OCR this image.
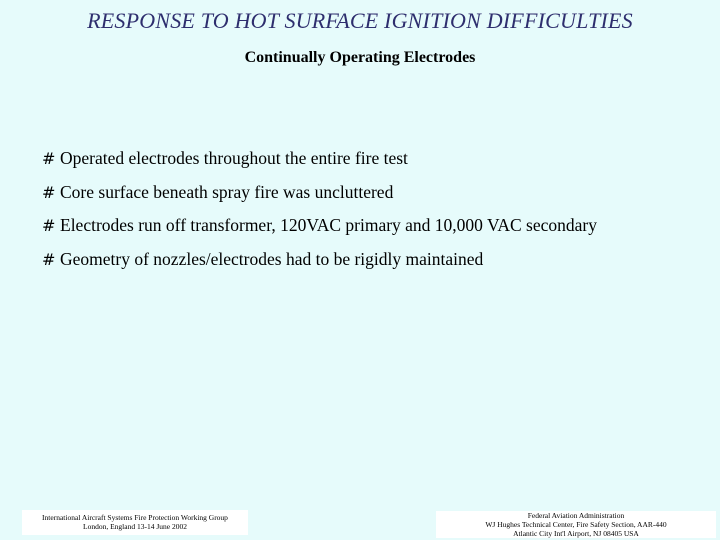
RESPONSE TO HOT SURFACE IGNITION DIFFICULTIES
Continually Operating Electrodes
# Operated electrodes throughout the entire fire test
# Core surface beneath spray fire was uncluttered
# Electrodes run off transformer, 120VAC primary and 10,000 VAC secondary
# Geometry of nozzles/electrodes had to be rigidly maintained
International Aircraft Systems Fire Protection Working Group
London, England 13-14 June 2002
Federal Aviation Administration
WJ Hughes Technical Center, Fire Safety Section, AAR-440
Atlantic City Int'l Airport, NJ 08405 USA
